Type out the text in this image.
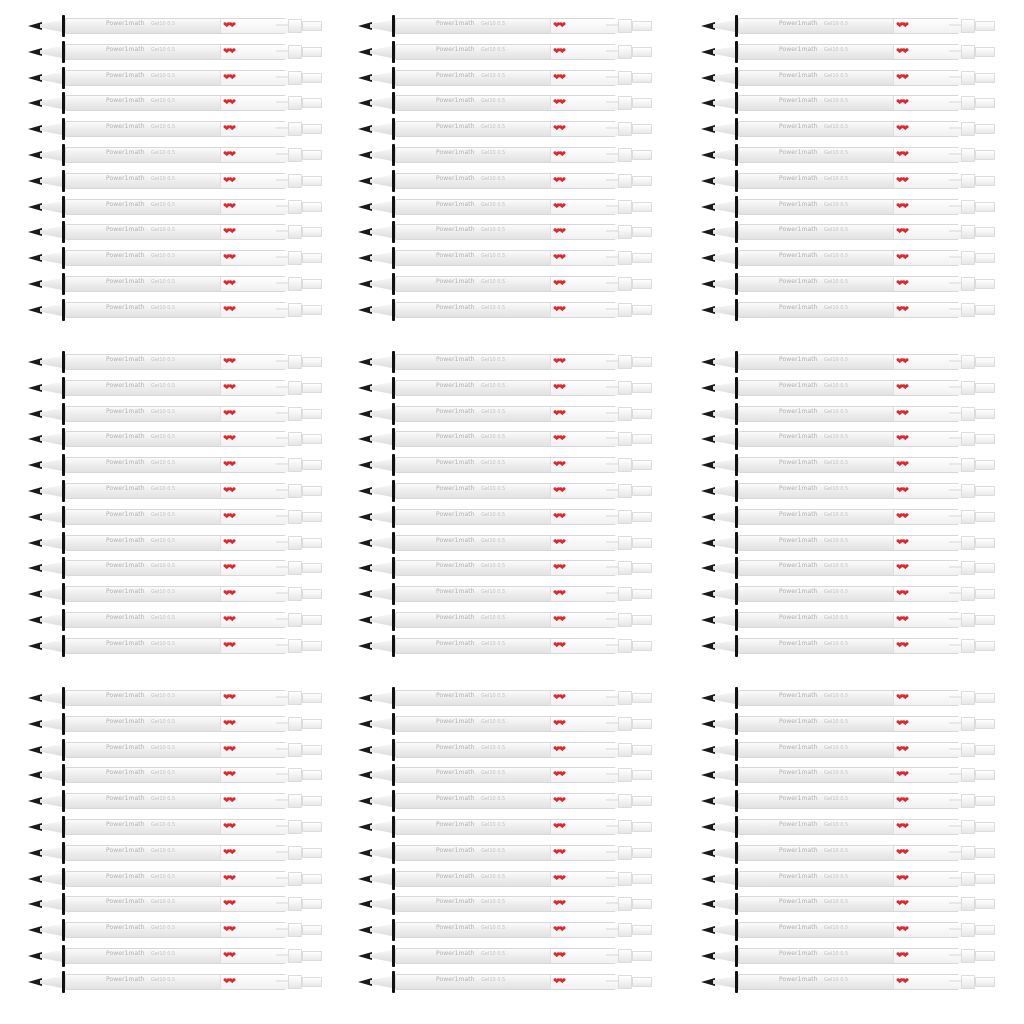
Power1math Gel10 0.5	❤❤
Power1math Gel10 0.5	❤❤
Power1math Gel10 0.5	❤❤
Power1math Gel10 0.5	❤❤
Power1math Gel10 0.5	❤❤
Power1math Gel10 0.5	❤❤
Power1math Gel10 0.5	❤❤
Power1math Gel10 0.5	❤❤
Power1math Gel10 0.5	❤❤
Power1math Gel10 0.5	❤❤
Power1math Gel10 0.5	❤❤
Power1math Gel10 0.5	❤❤
Power1math Gel10 0.5	❤❤
Power1math Gel10 0.5	❤❤
Power1math Gel10 0.5	❤❤
Power1math Gel10 0.5	❤❤
Power1math Gel10 0.5	❤❤
Power1math Gel10 0.5	❤❤
Power1math Gel10 0.5	❤❤
Power1math Gel10 0.5	❤❤
Power1math Gel10 0.5	❤❤
Power1math Gel10 0.5	❤❤
Power1math Gel10 0.5	❤❤
Power1math Gel10 0.5	❤❤
Power1math Gel10 0.5	❤❤
Power1math Gel10 0.5	❤❤
Power1math Gel10 0.5	❤❤
Power1math Gel10 0.5	❤❤
Power1math Gel10 0.5	❤❤
Power1math Gel10 0.5	❤❤
Power1math Gel10 0.5	❤❤
Power1math Gel10 0.5	❤❤
Power1math Gel10 0.5	❤❤
Power1math Gel10 0.5	❤❤
Power1math Gel10 0.5	❤❤
Power1math Gel10 0.5	❤❤
Power1math Gel10 0.5	❤❤
Power1math Gel10 0.5	❤❤
Power1math Gel10 0.5	❤❤
Power1math Gel10 0.5	❤❤
Power1math Gel10 0.5	❤❤
Power1math Gel10 0.5	❤❤
Power1math Gel10 0.5	❤❤
Power1math Gel10 0.5	❤❤
Power1math Gel10 0.5	❤❤
Power1math Gel10 0.5	❤❤
Power1math Gel10 0.5	❤❤
Power1math Gel10 0.5	❤❤
Power1math Gel10 0.5	❤❤
Power1math Gel10 0.5	❤❤
Power1math Gel10 0.5	❤❤
Power1math Gel10 0.5	❤❤
Power1math Gel10 0.5	❤❤
Power1math Gel10 0.5	❤❤
Power1math Gel10 0.5	❤❤
Power1math Gel10 0.5	❤❤
Power1math Gel10 0.5	❤❤
Power1math Gel10 0.5	❤❤
Power1math Gel10 0.5	❤❤
Power1math Gel10 0.5	❤❤
Power1math Gel10 0.5	❤❤
Power1math Gel10 0.5	❤❤
Power1math Gel10 0.5	❤❤
Power1math Gel10 0.5	❤❤
Power1math Gel10 0.5	❤❤
Power1math Gel10 0.5	❤❤
Power1math Gel10 0.5	❤❤
Power1math Gel10 0.5	❤❤
Power1math Gel10 0.5	❤❤
Power1math Gel10 0.5	❤❤
Power1math Gel10 0.5	❤❤
Power1math Gel10 0.5	❤❤
Power1math Gel10 0.5	❤❤
Power1math Gel10 0.5	❤❤
Power1math Gel10 0.5	❤❤
Power1math Gel10 0.5	❤❤
Power1math Gel10 0.5	❤❤
Power1math Gel10 0.5	❤❤
Power1math Gel10 0.5	❤❤
Power1math Gel10 0.5	❤❤
Power1math Gel10 0.5	❤❤
Power1math Gel10 0.5	❤❤
Power1math Gel10 0.5	❤❤
Power1math Gel10 0.5	❤❤
Power1math Gel10 0.5	❤❤
Power1math Gel10 0.5	❤❤
Power1math Gel10 0.5	❤❤
Power1math Gel10 0.5	❤❤
Power1math Gel10 0.5	❤❤
Power1math Gel10 0.5	❤❤
Power1math Gel10 0.5	❤❤
Power1math Gel10 0.5	❤❤
Power1math Gel10 0.5	❤❤
Power1math Gel10 0.5	❤❤
Power1math Gel10 0.5	❤❤
Power1math Gel10 0.5	❤❤
Power1math Gel10 0.5	❤❤
Power1math Gel10 0.5	❤❤
Power1math Gel10 0.5	❤❤
Power1math Gel10 0.5	❤❤
Power1math Gel10 0.5	❤❤
Power1math Gel10 0.5	❤❤
Power1math Gel10 0.5	❤❤
Power1math Gel10 0.5	❤❤
Power1math Gel10 0.5	❤❤
Power1math Gel10 0.5	❤❤
Power1math Gel10 0.5	❤❤
Power1math Gel10 0.5	❤❤
